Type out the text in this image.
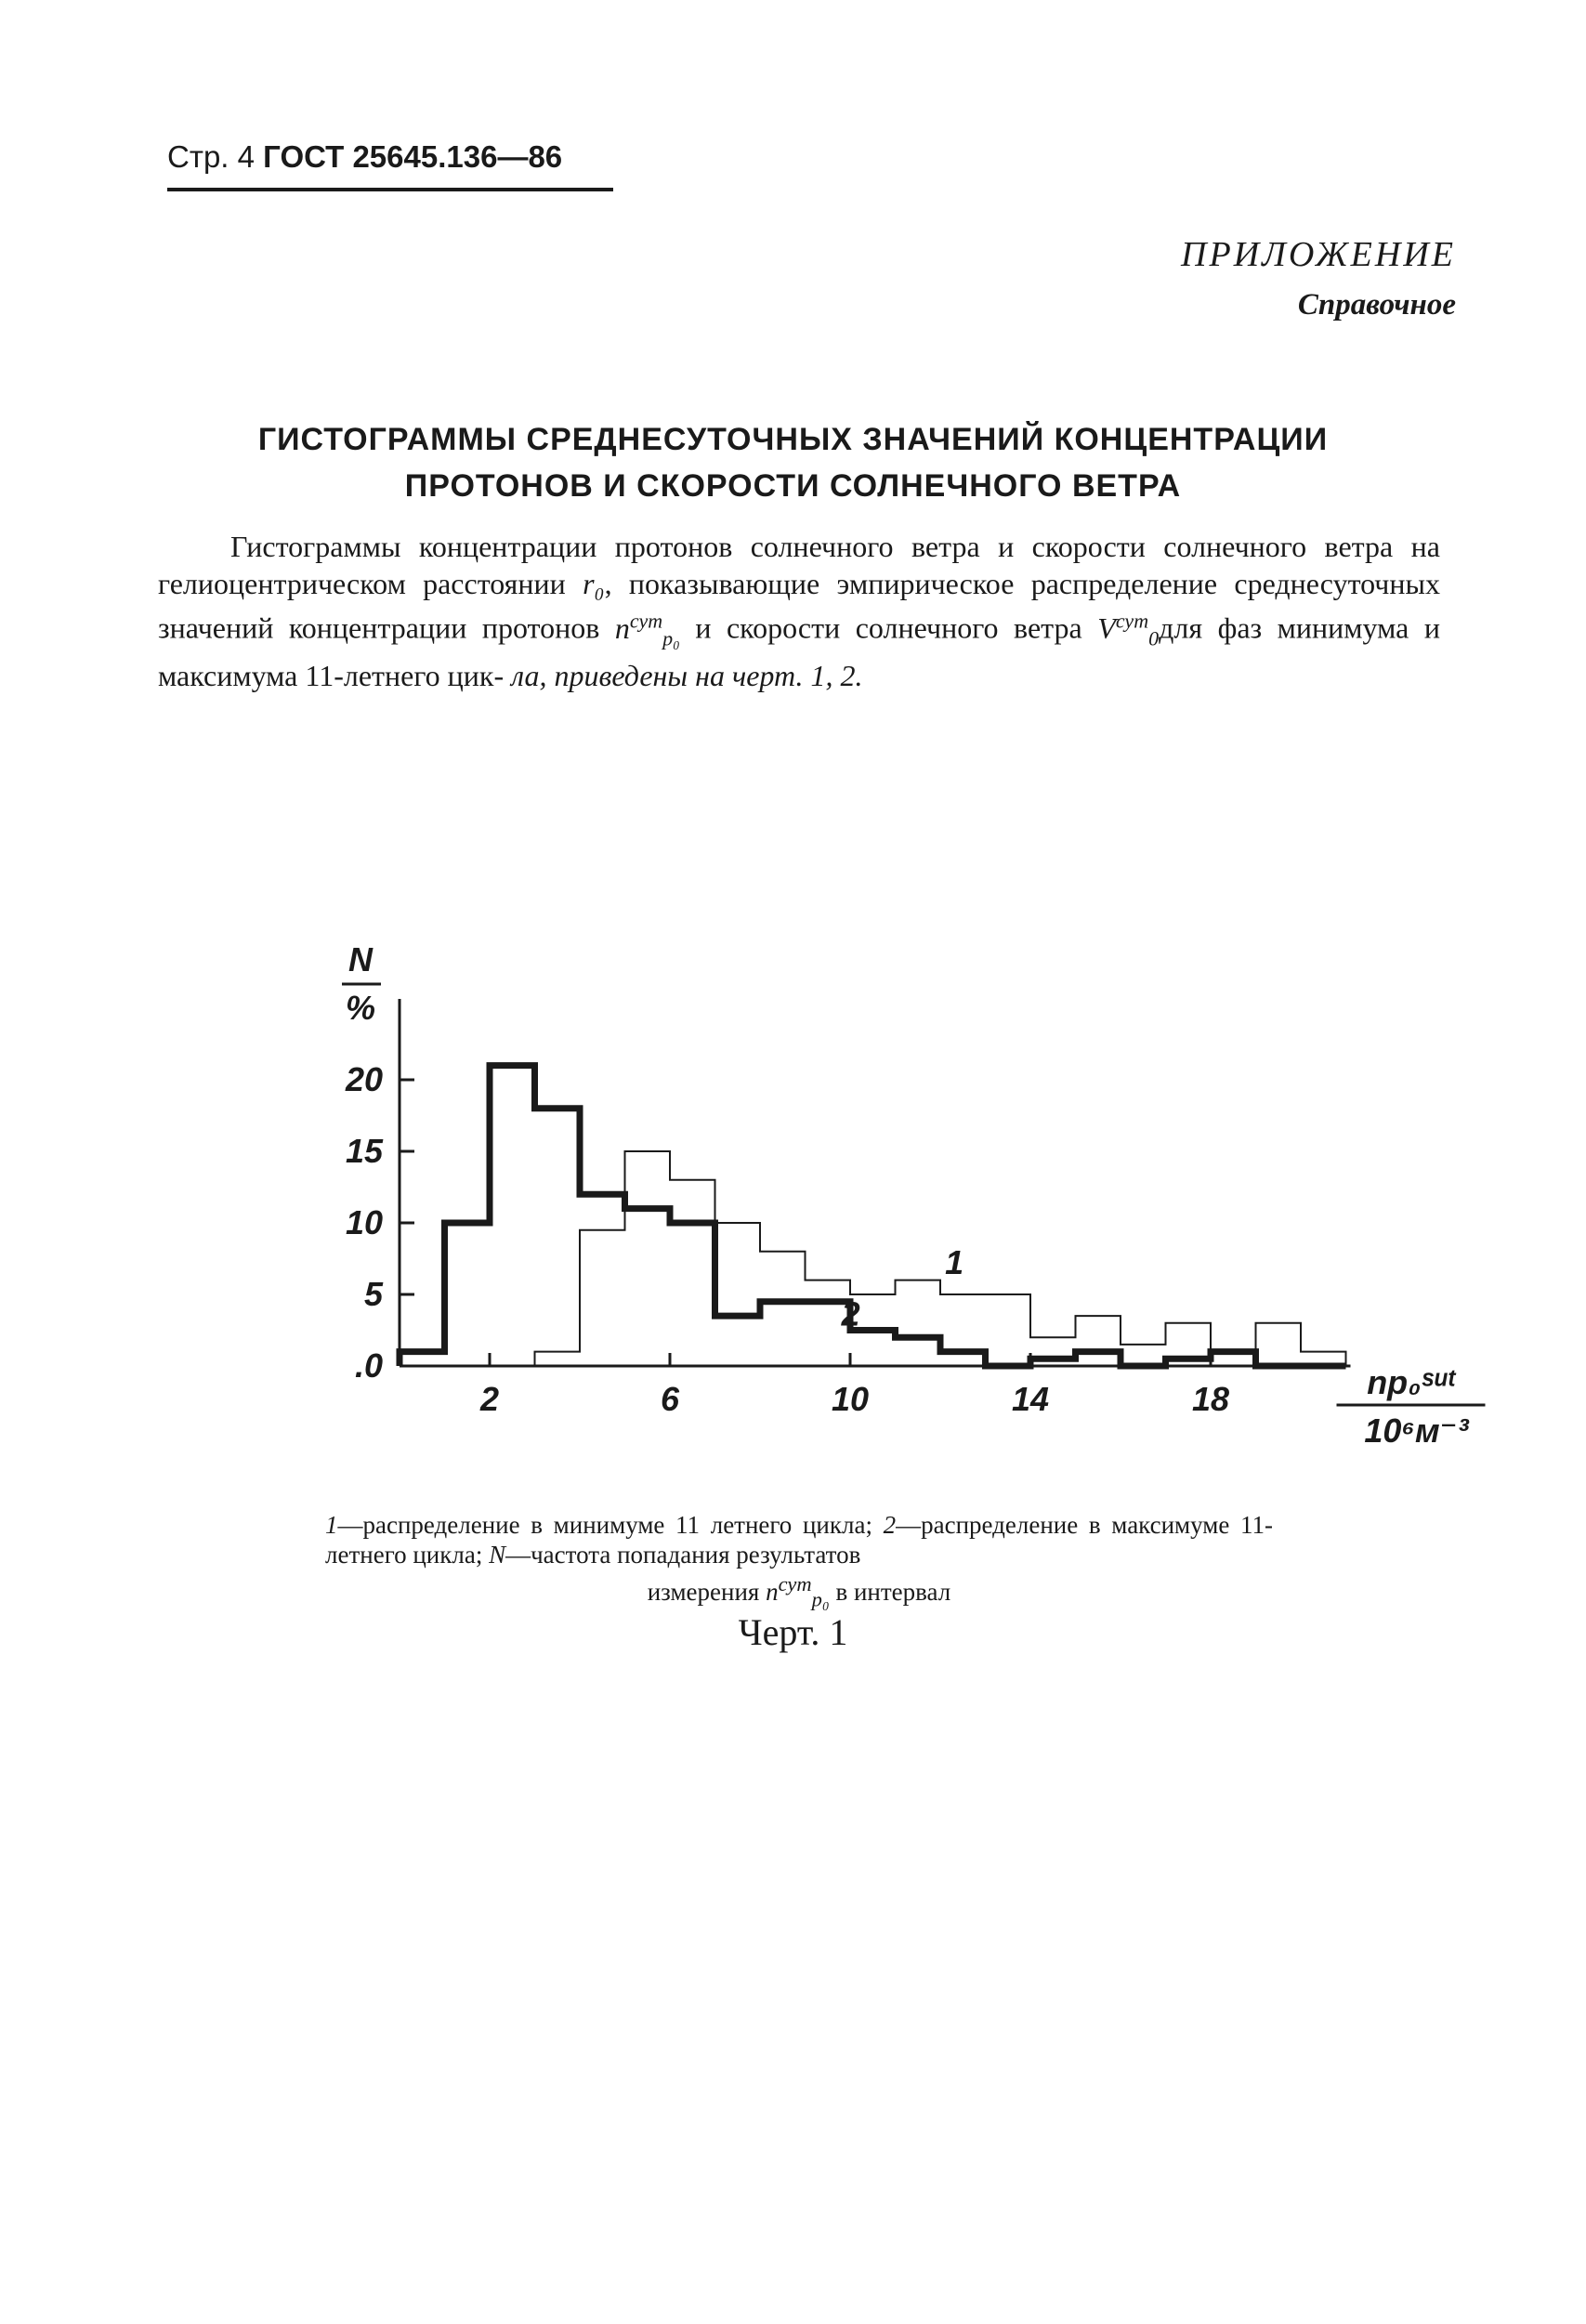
Стр. 4 ГОСТ 25645.136—86
ПРИЛОЖЕНИЕ
Справочное
ГИСТОГРАММЫ СРЕДНЕСУТОЧНЫХ ЗНАЧЕНИЙ КОНЦЕНТРАЦИИ
ПРОТОНОВ И СКОРОСТИ СОЛНЕЧНОГО ВЕТРА

Гистограммы концентрации протонов солнечного ветра и скорости солнечного ветра на гелиоцентрическом расстоянии r₀, показывающие эмпирическое распределение среднесуточных значений концентрации протонов $n^{сут}_{p_0}$ и скорости солнечного ветра $V^{сут}_0для$ фаз минимума и максимума 11-летнего цик- ла, приведены на черт. 1, 2.

.0
5
10
15
20
2	6	10	14	18
N
%
np₀ˢᵘᵗ
10⁶м⁻³
1
2
1—распределение в минимуме 11 летнего цикла; 2—распределение в максимуме 11-летнего цикла; N—частота попадания результатов
измерения $n^{сут}_{p_0}$ в интервал
Черт. 1
